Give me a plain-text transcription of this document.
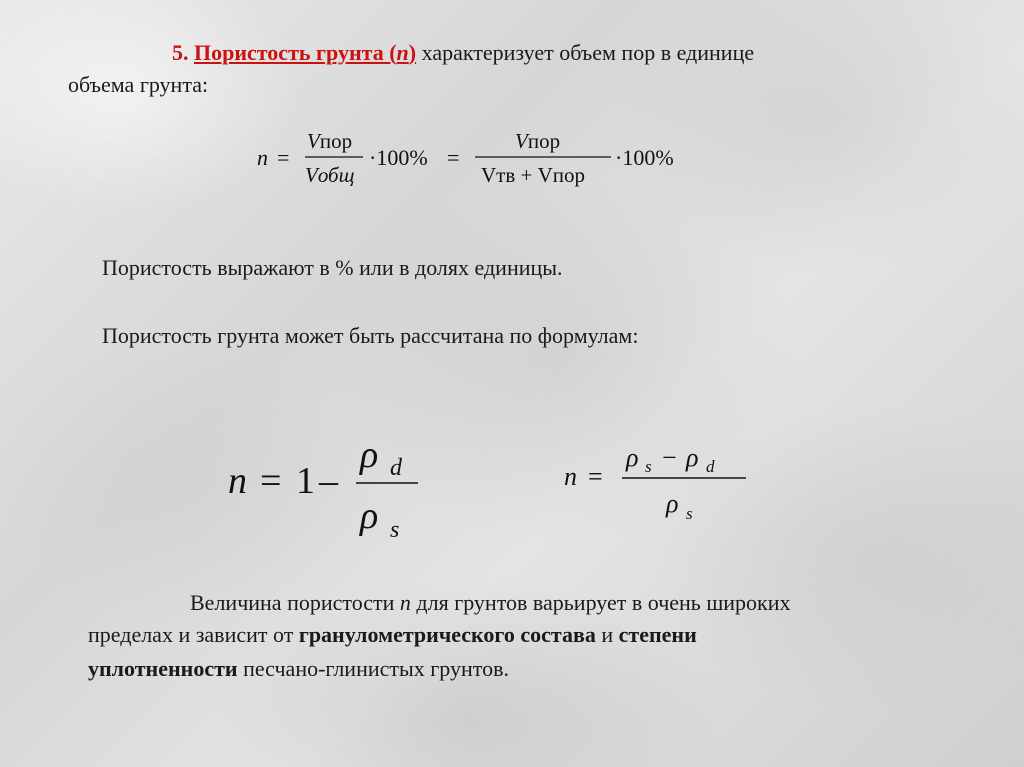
5. Пористость грунта (n) характеризует объем пор в единице
объема грунта:
n =
Vпор
Vобщ
·100% =
Vпор
Vтв + Vпор
·100%
Пористость выражают в % или в долях единицы.
Пористость грунта может быть рассчитана по формулам:
n = 1 –
ρ d
ρ s
n =
ρ s − ρ d
ρ s
Величина пористости n для грунтов варьирует в очень широких
пределах и зависит от гранулометрического состава и степени
уплотненности песчано-глинистых грунтов.
